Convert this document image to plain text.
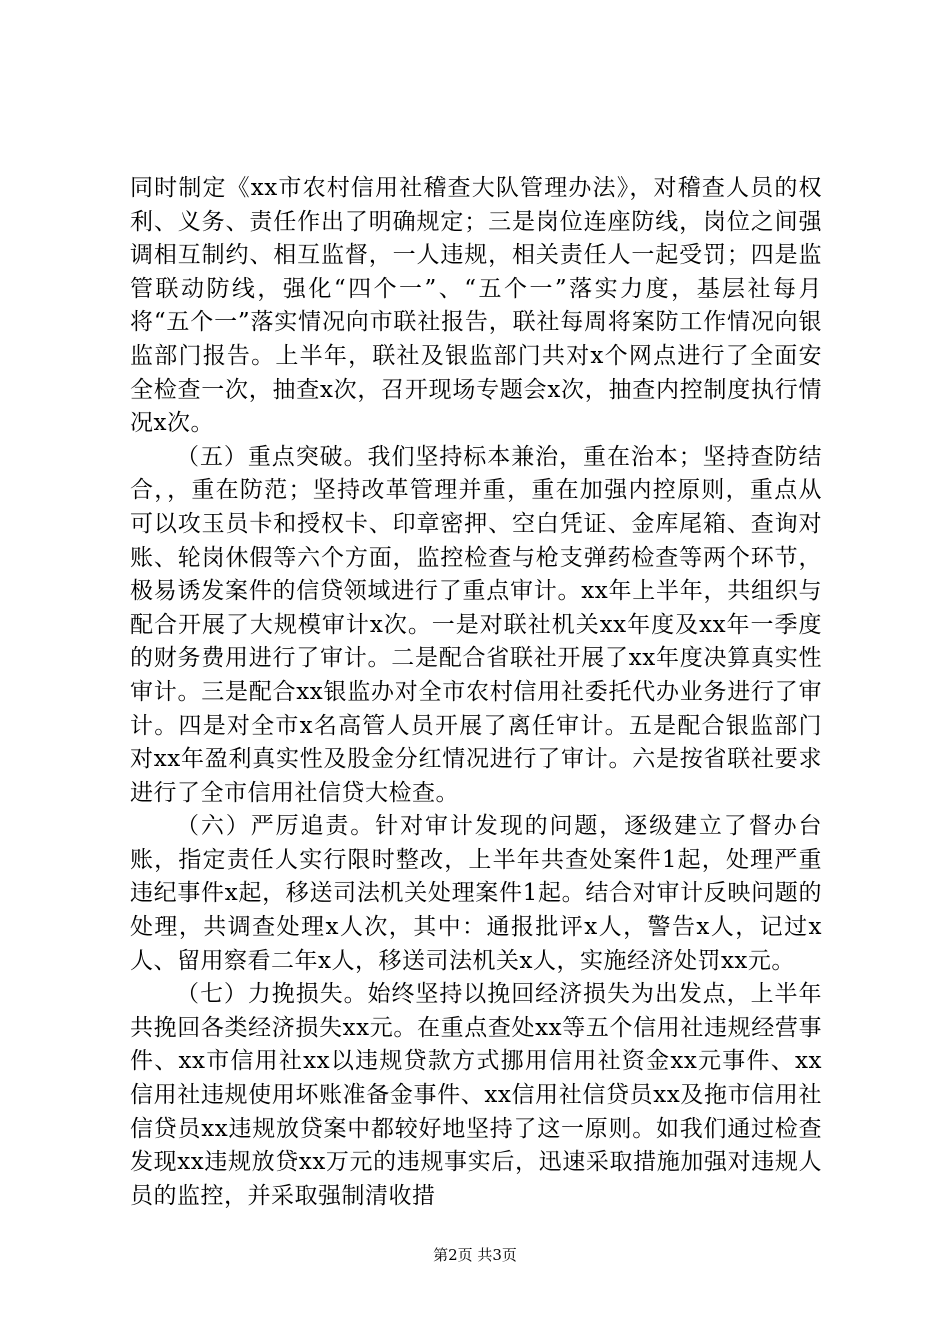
同时制定《xx市农村信用社稽查大队管理办法》，对稽查人员的权利、义务、责任作出了明确规定；三是岗位连座防线，岗位之间强调相互制约、相互监督，一人违规，相关责任人一起受罚；四是监管联动防线，强化“四个一”、“五个一”落实力度，基层社每月将“五个一”落实情况向市联社报告，联社每周将案防工作情况向银监部门报告。上半年，联社及银监部门共对x个网点进行了全面安全检查一次，抽查x次，召开现场专题会x次，抽查内控制度执行情况x次。

（五）重点突破。我们坚持标本兼治，重在治本；坚持查防结合，，重在防范；坚持改革管理并重，重在加强内控原则，重点从可以攻玉员卡和授权卡、印章密押、空白凭证、金库尾箱、查询对账、轮岗休假等六个方面，监控检查与枪支弹药检查等两个环节，极易诱发案件的信贷领域进行了重点审计。xx年上半年，共组织与配合开展了大规模审计x次。一是对联社机关xx年度及xx年一季度的财务费用进行了审计。二是配合省联社开展了xx年度决算真实性审计。三是配合xx银监办对全市农村信用社委托代办业务进行了审计。四是对全市x名高管人员开展了离任审计。五是配合银监部门对xx年盈利真实性及股金分红情况进行了审计。六是按省联社要求进行了全市信用社信贷大检查。

（六）严厉追责。针对审计发现的问题，逐级建立了督办台账，指定责任人实行限时整改，上半年共查处案件1起，处理严重违纪事件x起，移送司法机关处理案件1起。结合对审计反映问题的处理，共调查处理x人次，其中：通报批评x人，警告x人，记过x人、留用察看二年x人，移送司法机关x人，实施经济处罚xx元。

（七）力挽损失。始终坚持以挽回经济损失为出发点，上半年共挽回各类经济损失xx元。在重点查处xx等五个信用社违规经营事件、xx市信用社xx以违规贷款方式挪用信用社资金xx元事件、xx信用社违规使用坏账准备金事件、xx信用社信贷员xx及拖市信用社信贷员xx违规放贷案中都较好地坚持了这一原则。如我们通过检查发现xx违规放贷xx万元的违规事实后，迅速采取措施加强对违规人员的监控，并采取强制清收措

第2页 共3页
